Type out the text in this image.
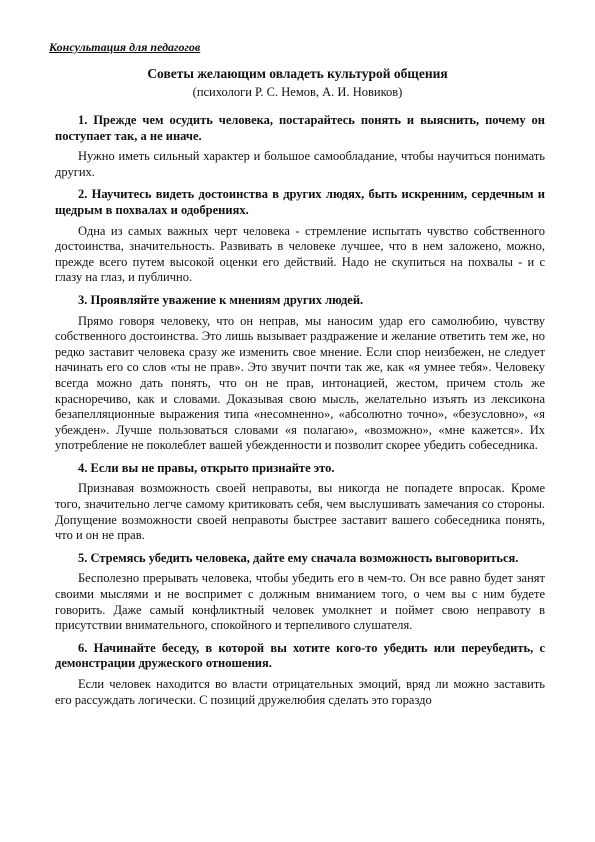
Консультация для педагогов
Советы желающим овладеть культурой общения
(психологи Р. С. Немов, А. И. Новиков)

1. Прежде чем осудить человека, постарайтесь понять и выяснить, почему он поступает так, а не иначе.

Нужно иметь сильный характер и большое самообладание, чтобы научиться понимать других.

2. Научитесь видеть достоинства в других людях, быть искренним, сердечным и щедрым в похвалах и одобрениях.

Одна из самых важных черт человека - стремление испытать чувство собственного достоинства, значительность. Развивать в человеке лучшее, что в нем заложено, можно, прежде всего путем высокой оценки его действий. Надо не скупиться на похвалы - и с глазу на глаз, и публично.

3. Проявляйте уважение к мнениям других людей.

Прямо говоря человеку, что он неправ, мы наносим удар его самолюбию, чувству собственного достоинства. Это лишь вызывает раздражение и желание ответить тем же, но редко заставит человека сразу же изменить свое мнение. Если спор неизбежен, не следует начинать его со слов «ты не прав». Это звучит почти так же, как «я умнее тебя». Человеку всегда можно дать понять, что он не прав, интонацией, жестом, причем столь же красноречиво, как и словами. Доказывая свою мысль, желательно изъять из лексикона безапелляционные выражения типа «несомненно», «абсолютно точно», «безусловно», «я убежден». Лучше пользоваться словами «я полагаю», «возможно», «мне кажется». Их употребление не поколеблет вашей убежденности и позволит скорее убедить собеседника.

4. Если вы не правы, открыто признайте это.

Признавая возможность своей неправоты, вы никогда не попадете впросак. Кроме того, значительно легче самому критиковать себя, чем выслушивать замечания со стороны. Допущение возможности своей неправоты быстрее заставит вашего собеседника понять, что и он не прав.

5. Стремясь убедить человека, дайте ему сначала возможность выговориться.

Бесполезно прерывать человека, чтобы убедить его в чем-то. Он все равно будет занят своими мыслями и не воспримет с должным вниманием того, о чем вы с ним будете говорить. Даже самый конфликтный человек умолкнет и поймет свою неправоту в присутствии внимательного, спокойного и терпеливого слушателя.

6. Начинайте беседу, в которой вы хотите кого-то убедить или переубедить, с демонстрации дружеского отношения.

Если человек находится во власти отрицательных эмоций, вряд ли можно заставить его рассуждать логически. С позиций дружелюбия сделать это гораздо
